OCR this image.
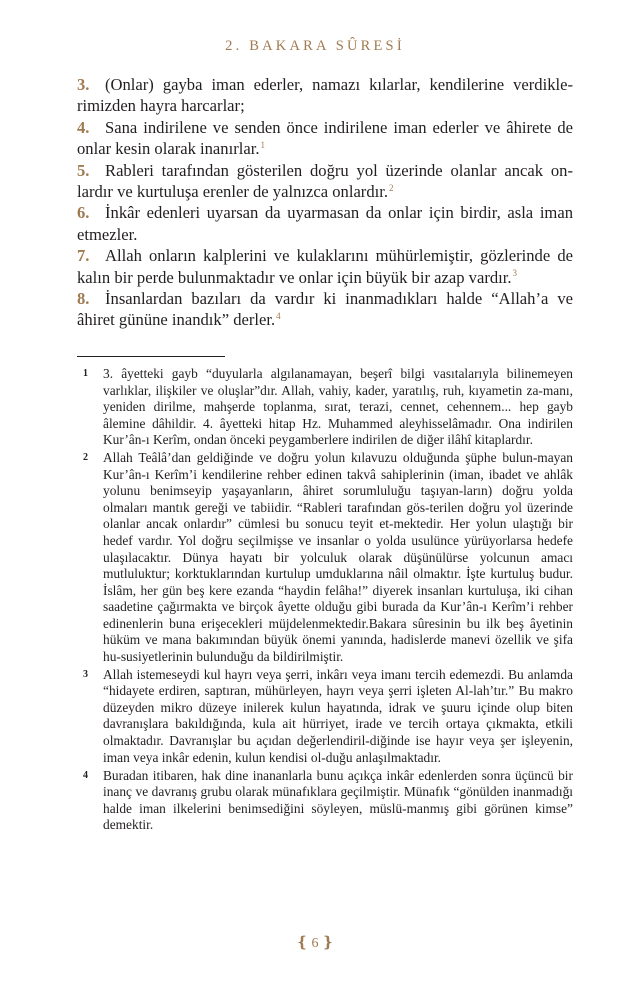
2. BAKARA SÛRESİ

3. (Onlar) gayba iman ederler, namazı kılarlar, kendilerine verdikle-rimizden hayra harcarlar;

4. Sana indirilene ve senden önce indirilene iman ederler ve âhirete de onlar kesin olarak inanırlar.$^1$

5. Rableri tarafından gösterilen doğru yol üzerinde olanlar ancak on-lardır ve kurtuluşa erenler de yalnızca onlardır.$^2$

6. İnkâr edenleri uyarsan da uyarmasan da onlar için birdir, asla iman etmezler.

7. Allah onların kalplerini ve kulaklarını mühürlemiştir, gözlerinde de kalın bir perde bulunmaktadır ve onlar için büyük bir azap vardır.$^3$

8. İnsanlardan bazıları da vardır ki inanmadıkları halde “Allah’a ve âhiret gününe inandık” derler.$^4$

1 3. âyetteki gayb “duyularla algılanamayan, beşerî bilgi vasıtalarıyla bilinemeyen varlıklar, ilişkiler ve oluşlar”dır. Allah, vahiy, kader, yaratılış, ruh, kıyametin za-manı, yeniden dirilme, mahşerde toplanma, sırat, terazi, cennet, cehennem... hep gayb âlemine dâhildir. 4. âyetteki hitap Hz. Muhammed aleyhisselâmadır. Ona indirilen Kur’ân-ı Kerîm, ondan önceki peygamberlere indirilen de diğer ilâhî kitaplardır.
2 Allah Teâlâ’dan geldiğinde ve doğru yolun kılavuzu olduğunda şüphe bulun-mayan Kur’ân-ı Kerîm’i kendilerine rehber edinen takvâ sahiplerinin (iman, ibadet ve ahlâk yolunu benimseyip yaşayanların, âhiret sorumluluğu taşıyan-ların) doğru yolda olmaları mantık gereği ve tabiidir. “Rableri tarafından gös-terilen doğru yol üzerinde olanlar ancak onlardır” cümlesi bu sonucu teyit et-mektedir. Her yolun ulaştığı bir hedef vardır. Yol doğru seçilmişse ve insanlar o yolda usulünce yürüyorlarsa hedefe ulaşılacaktır. Dünya hayatı bir yolculuk olarak düşünülürse yolcunun amacı mutluluktur; korktuklarından kurtulup umduklarına nâil olmaktır. İşte kurtuluş budur. İslâm, her gün beş kere ezanda “haydin felâha!” diyerek insanları kurtuluşa, iki cihan saadetine çağırmakta ve birçok âyette olduğu gibi burada da Kur’ân-ı Kerîm’i rehber edinenlerin buna erişecekleri müjdelenmektedir.Bakara sûresinin bu ilk beş âyetinin hüküm ve mana bakımından büyük önemi yanında, hadislerde manevi özellik ve şifa hu-susiyetlerinin bulunduğu da bildirilmiştir.
3 Allah istemeseydi kul hayrı veya şerri, inkârı veya imanı tercih edemezdi. Bu anlamda “hidayete erdiren, saptıran, mühürleyen, hayrı veya şerri işleten Al-lah’tır.” Bu makro düzeyden mikro düzeye inilerek kulun hayatında, idrak ve şuuru içinde olup biten davranışlara bakıldığında, kula ait hürriyet, irade ve tercih ortaya çıkmakta, etkili olmaktadır. Davranışlar bu açıdan değerlendiril-diğinde ise hayır veya şer işleyenin, iman veya inkâr edenin, kulun kendisi ol-duğu anlaşılmaktadır.
4 Buradan itibaren, hak dine inananlarla bunu açıkça inkâr edenlerden sonra üçüncü bir inanç ve davranış grubu olarak münafıklara geçilmiştir. Münafık “gönülden inanmadığı halde iman ilkelerini benimsediğini söyleyen, müslü-manmış gibi görünen kimse” demektir.
❴ 6 ❵
